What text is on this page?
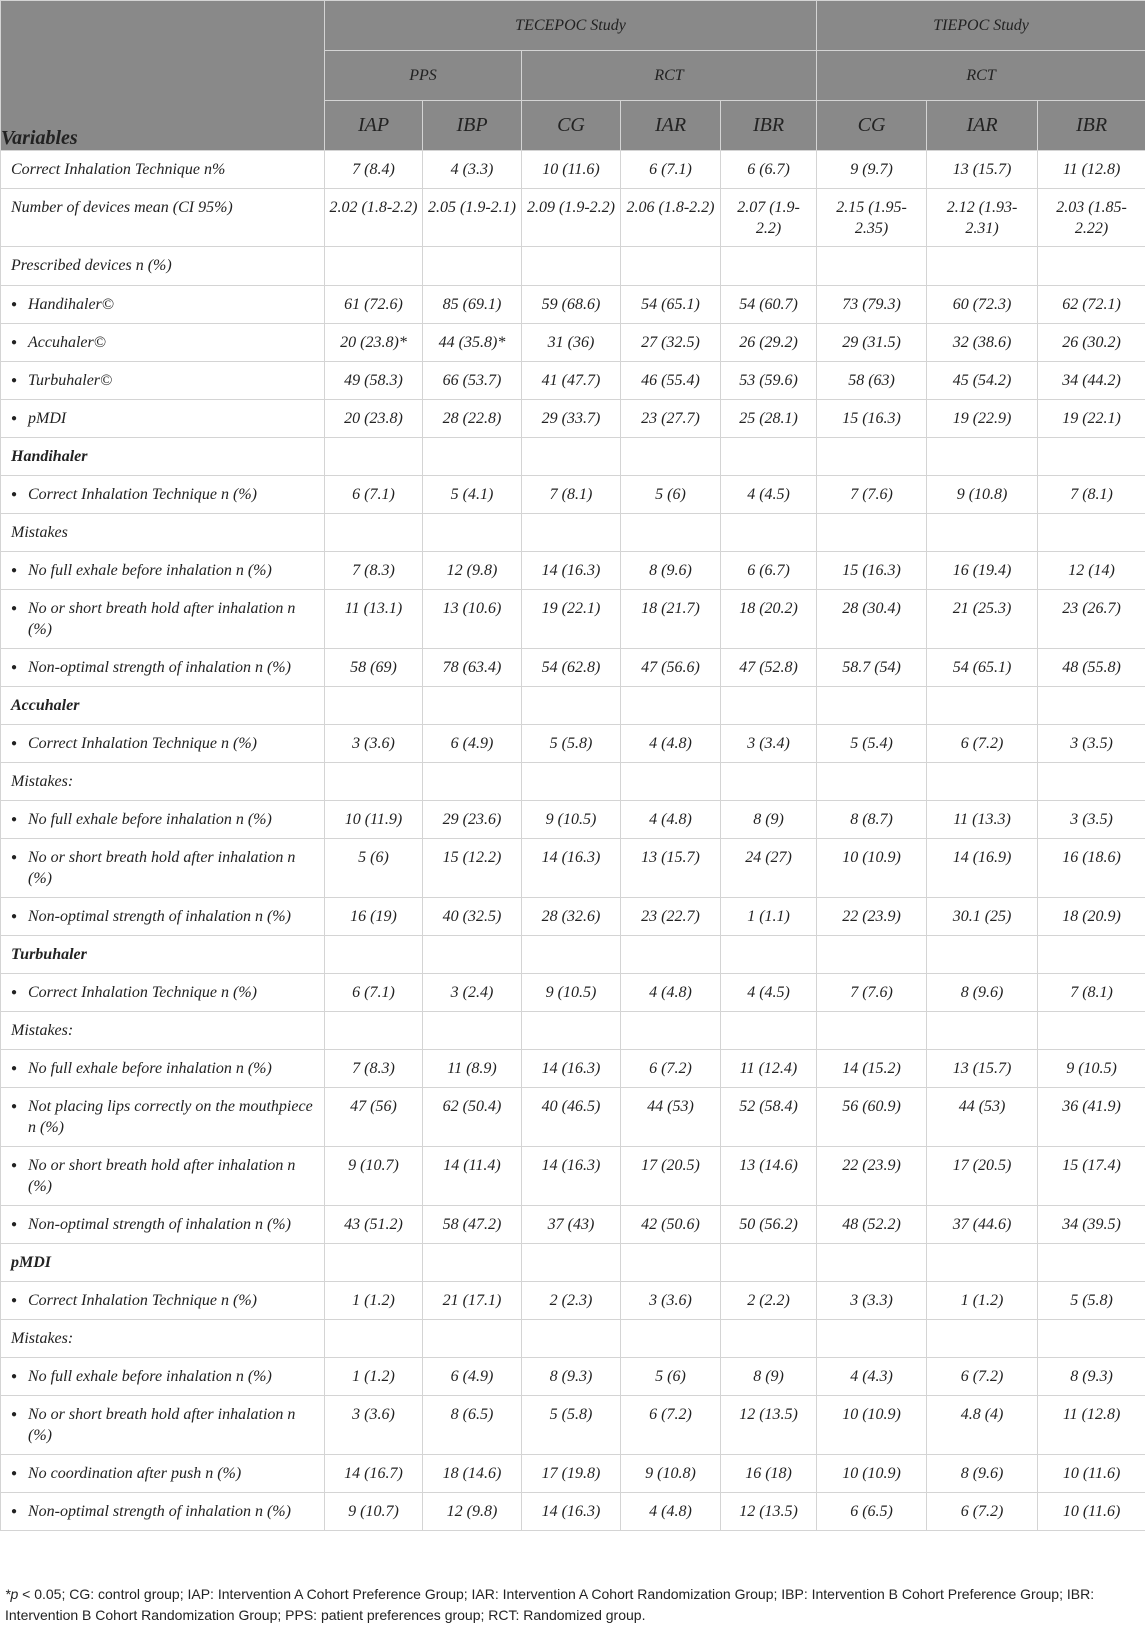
Variables	TECEPOC Study					TIEPOC Study		
	PPS		RCT			RCT		
	IAP	IBP	CG	IAR	IBR	CG	IAR	IBR
Correct Inhalation Technique n%	7 (8.4)	4 (3.3)	10 (11.6)	6 (7.1)	6 (6.7)	9 (9.7)	13 (15.7)	11 (12.8)
Number of devices mean (CI 95%)	2.02 (1.8-2.2)	2.05 (1.9-2.1)	2.09 (1.9-2.2)	2.06 (1.8-2.2)	2.07 (1.9-2.2)	2.15 (1.95-2.35)	2.12 (1.93-2.31)	2.03 (1.85-2.22)
Prescribed devices n (%)								
● Handihaler©	61 (72.6)	85 (69.1)	59 (68.6)	54 (65.1)	54 (60.7)	73 (79.3)	60 (72.3)	62 (72.1)
● Accuhaler©	20 (23.8)*	44 (35.8)*	31 (36)	27 (32.5)	26 (29.2)	29 (31.5)	32 (38.6)	26 (30.2)
● Turbuhaler©	49 (58.3)	66 (53.7)	41 (47.7)	46 (55.4)	53 (59.6)	58 (63)	45 (54.2)	34 (44.2)
● pMDI	20 (23.8)	28 (22.8)	29 (33.7)	23 (27.7)	25 (28.1)	15 (16.3)	19 (22.9)	19 (22.1)
Handihaler								
● Correct Inhalation Technique n (%)	6 (7.1)	5 (4.1)	7 (8.1)	5 (6)	4 (4.5)	7 (7.6)	9 (10.8)	7 (8.1)
Mistakes								
● No full exhale before inhalation n (%)	7 (8.3)	12 (9.8)	14 (16.3)	8 (9.6)	6 (6.7)	15 (16.3)	16 (19.4)	12 (14)
● No or short breath hold after inhalation n (%)	11 (13.1)	13 (10.6)	19 (22.1)	18 (21.7)	18 (20.2)	28 (30.4)	21 (25.3)	23 (26.7)
● Non-optimal strength of inhalation n (%)	58 (69)	78 (63.4)	54 (62.8)	47 (56.6)	47 (52.8)	58.7 (54)	54 (65.1)	48 (55.8)
Accuhaler								
● Correct Inhalation Technique n (%)	3 (3.6)	6 (4.9)	5 (5.8)	4 (4.8)	3 (3.4)	5 (5.4)	6 (7.2)	3 (3.5)
Mistakes:								
● No full exhale before inhalation n (%)	10 (11.9)	29 (23.6)	9 (10.5)	4 (4.8)	8 (9)	8 (8.7)	11 (13.3)	3 (3.5)
● No or short breath hold after inhalation n (%)	5 (6)	15 (12.2)	14 (16.3)	13 (15.7)	24 (27)	10 (10.9)	14 (16.9)	16 (18.6)
● Non-optimal strength of inhalation n (%)	16 (19)	40 (32.5)	28 (32.6)	23 (22.7)	1 (1.1)	22 (23.9)	30.1 (25)	18 (20.9)
Turbuhaler								
● Correct Inhalation Technique n (%)	6 (7.1)	3 (2.4)	9 (10.5)	4 (4.8)	4 (4.5)	7 (7.6)	8 (9.6)	7 (8.1)
Mistakes:								
● No full exhale before inhalation n (%)	7 (8.3)	11 (8.9)	14 (16.3)	6 (7.2)	11 (12.4)	14 (15.2)	13 (15.7)	9 (10.5)
● Not placing lips correctly on the mouthpiece n (%)	47 (56)	62 (50.4)	40 (46.5)	44 (53)	52 (58.4)	56 (60.9)	44 (53)	36 (41.9)
● No or short breath hold after inhalation n (%)	9 (10.7)	14 (11.4)	14 (16.3)	17 (20.5)	13 (14.6)	22 (23.9)	17 (20.5)	15 (17.4)
● Non-optimal strength of inhalation n (%)	43 (51.2)	58 (47.2)	37 (43)	42 (50.6)	50 (56.2)	48 (52.2)	37 (44.6)	34 (39.5)
pMDI								
● Correct Inhalation Technique n (%)	1 (1.2)	21 (17.1)	2 (2.3)	3 (3.6)	2 (2.2)	3 (3.3)	1 (1.2)	5 (5.8)
Mistakes:								
● No full exhale before inhalation n (%)	1 (1.2)	6 (4.9)	8 (9.3)	5 (6)	8 (9)	4 (4.3)	6 (7.2)	8 (9.3)
● No or short breath hold after inhalation n (%)	3 (3.6)	8 (6.5)	5 (5.8)	6 (7.2)	12 (13.5)	10 (10.9)	4.8 (4)	11 (12.8)
● No coordination after push n (%)	14 (16.7)	18 (14.6)	17 (19.8)	9 (10.8)	16 (18)	10 (10.9)	8 (9.6)	10 (11.6)
● Non-optimal strength of inhalation n (%)	9 (10.7)	12 (9.8)	14 (16.3)	4 (4.8)	12 (13.5)	6 (6.5)	6 (7.2)	10 (11.6)
*p < 0.05; CG: control group; IAP: Intervention A Cohort Preference Group; IAR: Intervention A Cohort Randomization Group; IBP: Intervention B Cohort Preference Group; IBR: Intervention B Cohort Randomization Group; PPS: patient preferences group; RCT: Randomized group.
